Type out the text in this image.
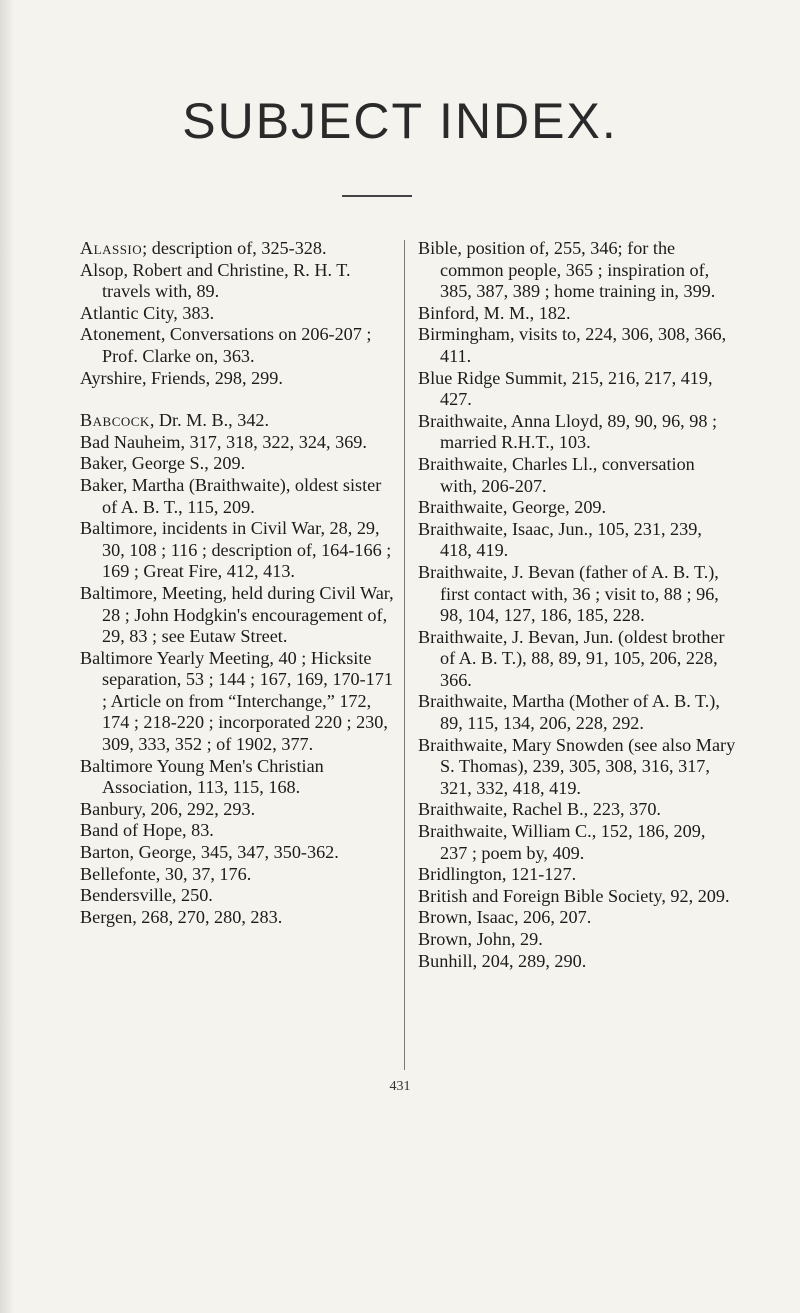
SUBJECT INDEX.

Alassio; description of, 325-328.

Alsop, Robert and Christine, R. H. T. travels with, 89.

Atlantic City, 383.

Atonement, Conversations on 206-207 ; Prof. Clarke on, 363.

Ayrshire, Friends, 298, 299.

Babcock, Dr. M. B., 342.

Bad Nauheim, 317, 318, 322, 324, 369.

Baker, George S., 209.

Baker, Martha (Braithwaite), oldest sister of A. B. T., 115, 209.

Baltimore, incidents in Civil War, 28, 29, 30, 108 ; 116 ; description of, 164-166 ; 169 ; Great Fire, 412, 413.

Baltimore, Meeting, held during Civil War, 28 ; John Hodgkin's encouragement of, 29, 83 ; see Eutaw Street.

Baltimore Yearly Meeting, 40 ; Hicksite separation, 53 ; 144 ; 167, 169, 170-171 ; Article on from “Interchange,” 172, 174 ; 218-220 ; incorporated 220 ; 230, 309, 333, 352 ; of 1902, 377.

Baltimore Young Men's Christian Association, 113, 115, 168.

Banbury, 206, 292, 293.

Band of Hope, 83.

Barton, George, 345, 347, 350-362.

Bellefonte, 30, 37, 176.

Bendersville, 250.

Bergen, 268, 270, 280, 283.

Bible, position of, 255, 346; for the common people, 365 ; inspiration of, 385, 387, 389 ; home training in, 399.

Binford, M. M., 182.

Birmingham, visits to, 224, 306, 308, 366, 411.

Blue Ridge Summit, 215, 216, 217, 419, 427.

Braithwaite, Anna Lloyd, 89, 90, 96, 98 ; married R.H.T., 103.

Braithwaite, Charles Ll., conversation with, 206-207.

Braithwaite, George, 209.

Braithwaite, Isaac, Jun., 105, 231, 239, 418, 419.

Braithwaite, J. Bevan (father of A. B. T.), first contact with, 36 ; visit to, 88 ; 96, 98, 104, 127, 186, 185, 228.

Braithwaite, J. Bevan, Jun. (oldest brother of A. B. T.), 88, 89, 91, 105, 206, 228, 366.

Braithwaite, Martha (Mother of A. B. T.), 89, 115, 134, 206, 228, 292.

Braithwaite, Mary Snowden (see also Mary S. Thomas), 239, 305, 308, 316, 317, 321, 332, 418, 419.

Braithwaite, Rachel B., 223, 370.

Braithwaite, William C., 152, 186, 209, 237 ; poem by, 409.

Bridlington, 121-127.

British and Foreign Bible Society, 92, 209.

Brown, Isaac, 206, 207.

Brown, John, 29.

Bunhill, 204, 289, 290.

431
